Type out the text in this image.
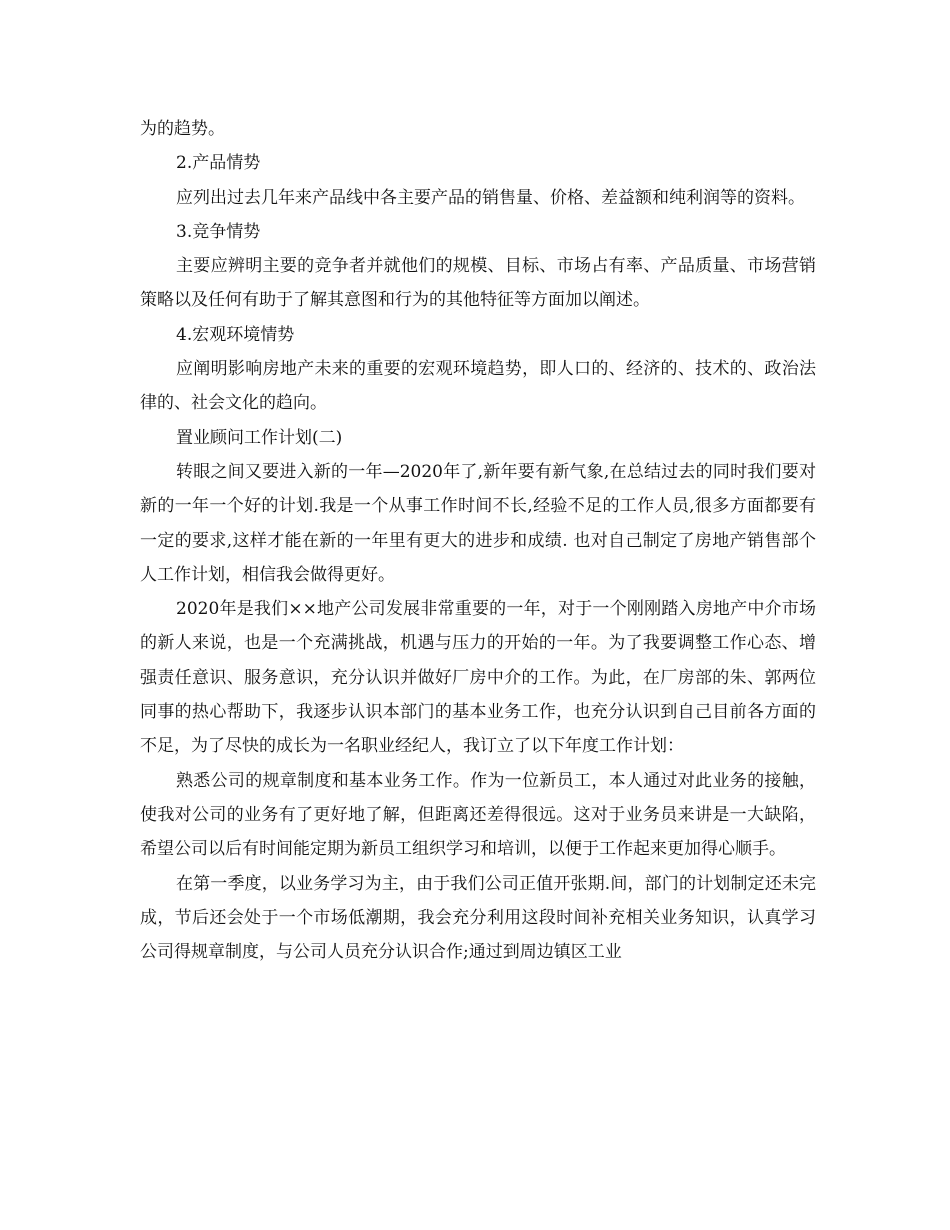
为的趋势。

2.产品情势

应列出过去几年来产品线中各主要产品的销售量、价格、差益额和纯利润等的资料。

3.竞争情势

主要应辨明主要的竞争者并就他们的规模、目标、市场占有率、产品质量、市场营销策略以及任何有助于了解其意图和行为的其他特征等方面加以阐述。

4.宏观环境情势

应阐明影响房地产未来的重要的宏观环境趋势，即人口的、经济的、技术的、政治法律的、社会文化的趋向。

置业顾问工作计划(二)

转眼之间又要进入新的一年—2020年了,新年要有新气象,在总结过去的同时我们要对新的一年一个好的计划.我是一个从事工作时间不长,经验不足的工作人员,很多方面都要有一定的要求,这样才能在新的一年里有更大的进步和成绩. 也对自己制定了房地产销售部个人工作计划，相信我会做得更好。

2020年是我们××地产公司发展非常重要的一年，对于一个刚刚踏入房地产中介市场的新人来说，也是一个充满挑战，机遇与压力的开始的一年。为了我要调整工作心态、增强责任意识、服务意识，充分认识并做好厂房中介的工作。为此，在厂房部的朱、郭两位同事的热心帮助下，我逐步认识本部门的基本业务工作，也充分认识到自己目前各方面的不足，为了尽快的成长为一名职业经纪人，我订立了以下年度工作计划：

熟悉公司的规章制度和基本业务工作。作为一位新员工，本人通过对此业务的接触，使我对公司的业务有了更好地了解，但距离还差得很远。这对于业务员来讲是一大缺陷，希望公司以后有时间能定期为新员工组织学习和培训，以便于工作起来更加得心顺手。

在第一季度，以业务学习为主，由于我们公司正值开张期.间，部门的计划制定还未完成，节后还会处于一个市场低潮期，我会充分利用这段时间补充相关业务知识，认真学习公司得规章制度，与公司人员充分认识合作;通过到周边镇区工业
